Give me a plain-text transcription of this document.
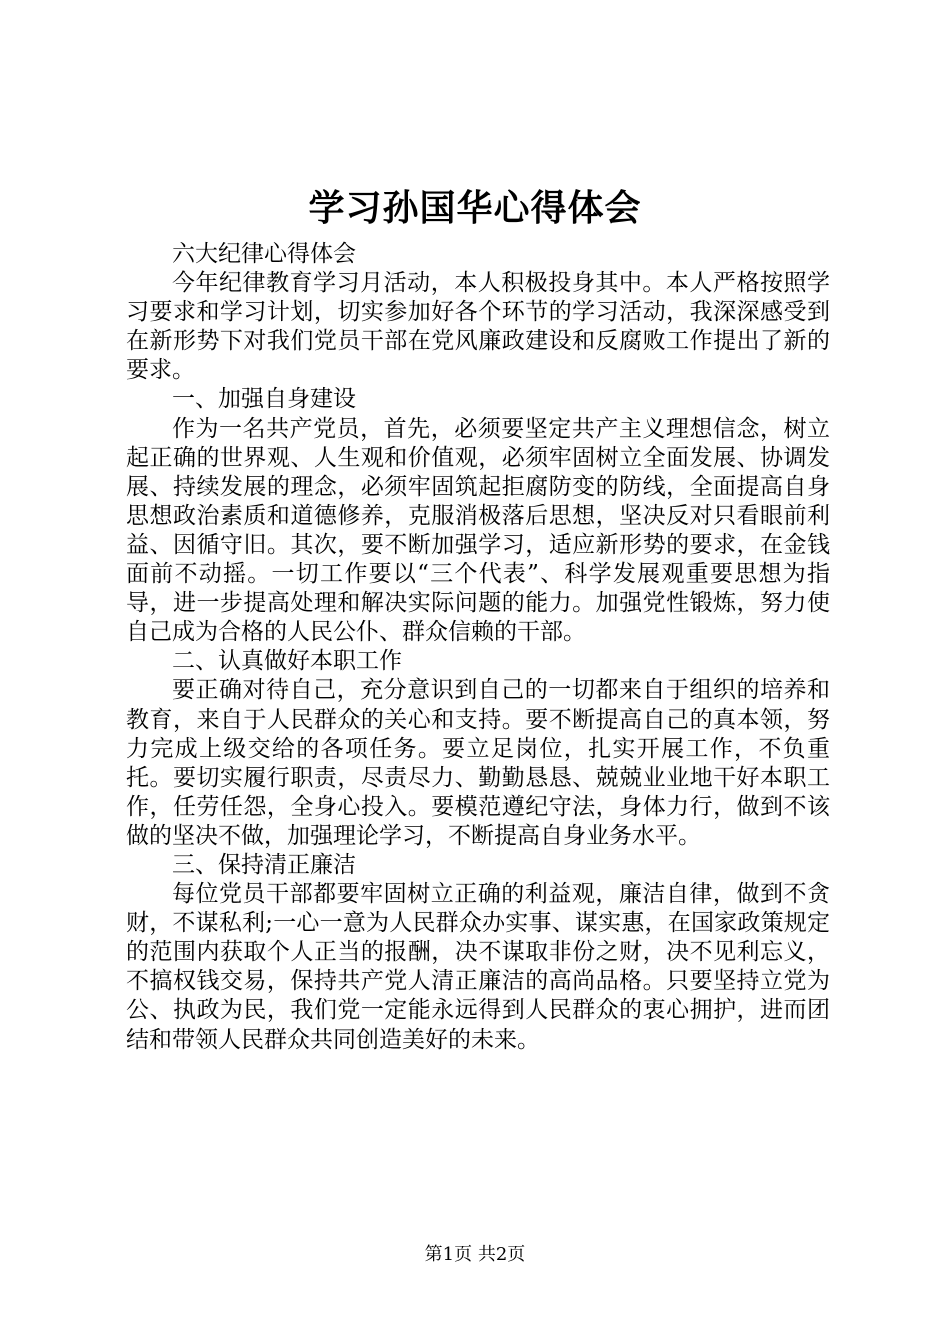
学习孙国华心得体会

六大纪律心得体会

今年纪律教育学习月活动，本人积极投身其中。本人严格按照学习要求和学习计划，切实参加好各个环节的学习活动，我深深感受到在新形势下对我们党员干部在党风廉政建设和反腐败工作提出了新的要求。

一、加强自身建设

作为一名共产党员，首先，必须要坚定共产主义理想信念，树立起正确的世界观、人生观和价值观，必须牢固树立全面发展、协调发展、持续发展的理念，必须牢固筑起拒腐防变的防线，全面提高自身思想政治素质和道德修养，克服消极落后思想，坚决反对只看眼前利益、因循守旧。其次，要不断加强学习，适应新形势的要求，在金钱面前不动摇。一切工作要以“三个代表”、科学发展观重要思想为指导，进一步提高处理和解决实际问题的能力。加强党性锻炼，努力使自己成为合格的人民公仆、群众信赖的干部。

二、认真做好本职工作

要正确对待自己，充分意识到自己的一切都来自于组织的培养和教育，来自于人民群众的关心和支持。要不断提高自己的真本领，努力完成上级交给的各项任务。要立足岗位，扎实开展工作，不负重托。要切实履行职责，尽责尽力、勤勤恳恳、兢兢业业地干好本职工作，任劳任怨，全身心投入。要模范遵纪守法，身体力行，做到不该做的坚决不做，加强理论学习，不断提高自身业务水平。

三、保持清正廉洁

每位党员干部都要牢固树立正确的利益观，廉洁自律，做到不贪财，不谋私利;一心一意为人民群众办实事、谋实惠，在国家政策规定的范围内获取个人正当的报酬，决不谋取非份之财，决不见利忘义，不搞权钱交易，保持共产党人清正廉洁的高尚品格。只要坚持立党为公、执政为民，我们党一定能永远得到人民群众的衷心拥护，进而团结和带领人民群众共同创造美好的未来。

第1页 共2页
